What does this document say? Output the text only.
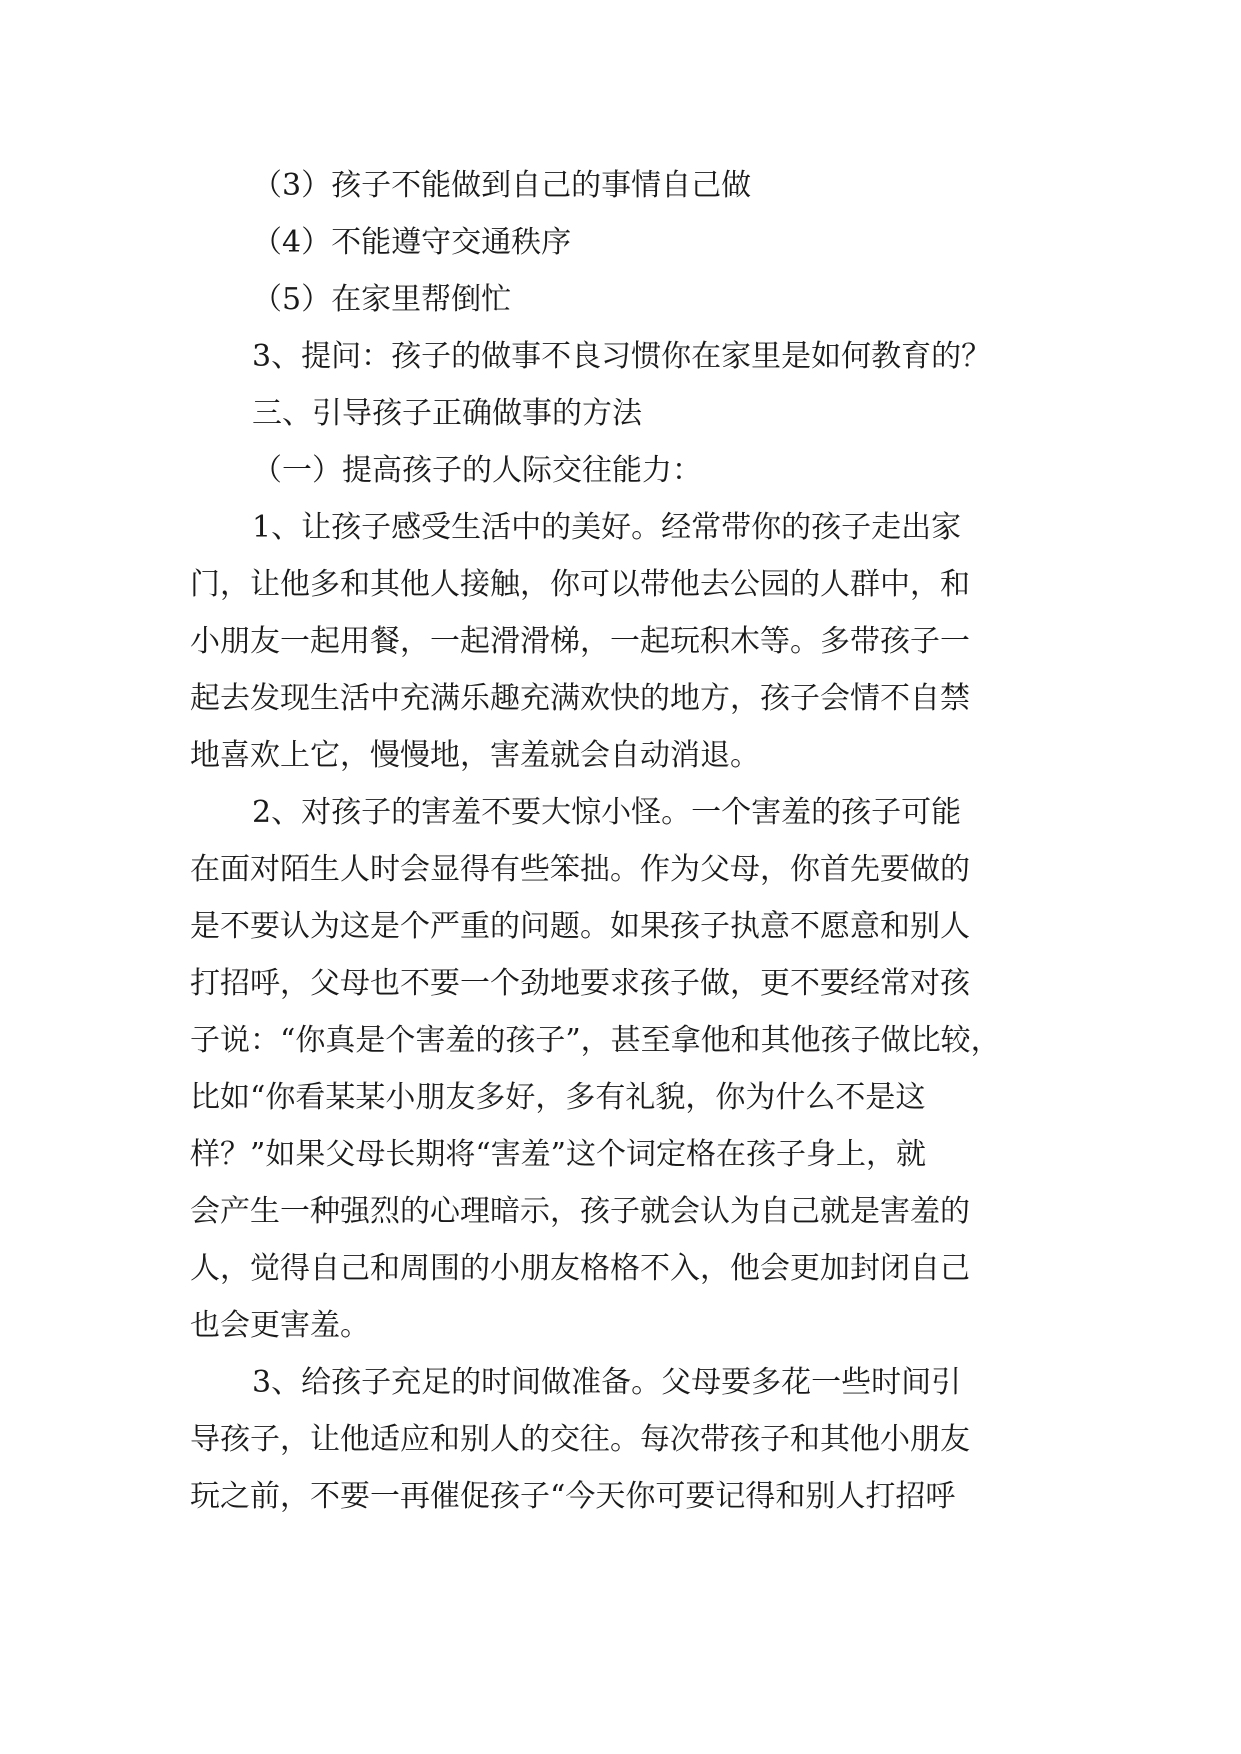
（3）孩子不能做到自己的事情自己做

（4）不能遵守交通秩序

（5）在家里帮倒忙

3、提问：孩子的做事不良习惯你在家里是如何教育的？

三、引导孩子正确做事的方法

（一）提高孩子的人际交往能力：

1、让孩子感受生活中的美好。经常带你的孩子走出家

门，让他多和其他人接触，你可以带他去公园的人群中，和

小朋友一起用餐，一起滑滑梯，一起玩积木等。多带孩子一

起去发现生活中充满乐趣充满欢快的地方，孩子会情不自禁

地喜欢上它，慢慢地，害羞就会自动消退。

2、对孩子的害羞不要大惊小怪。一个害羞的孩子可能

在面对陌生人时会显得有些笨拙。作为父母，你首先要做的

是不要认为这是个严重的问题。如果孩子执意不愿意和别人

打招呼，父母也不要一个劲地要求孩子做，更不要经常对孩

子说：“你真是个害羞的孩子”，甚至拿他和其他孩子做比较，

比如“你看某某小朋友多好，多有礼貌，你为什么不是这

样？”如果父母长期将“害羞”这个词定格在孩子身上，就

会产生一种强烈的心理暗示，孩子就会认为自己就是害羞的

人，觉得自己和周围的小朋友格格不入，他会更加封闭自己

也会更害羞。

3、给孩子充足的时间做准备。父母要多花一些时间引

导孩子，让他适应和别人的交往。每次带孩子和其他小朋友

玩之前，不要一再催促孩子“今天你可要记得和别人打招呼
